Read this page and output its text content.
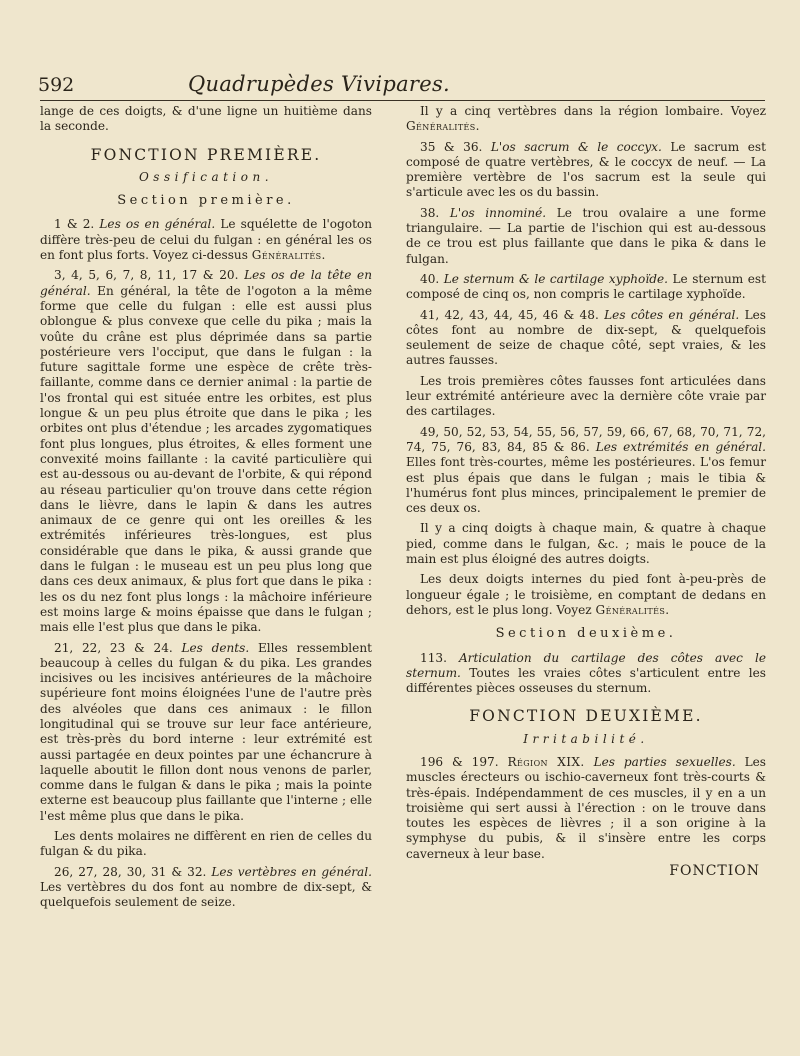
592	Quadrupèdes Vivipares.

lange de ces doigts, & d'une ligne un huitième dans la seconde.

FONCTION PREMIÈRE.
Ossification.
Section première.

1 & 2. Les os en général. Le squélette de l'ogoton diffère très-peu de celui du fulgan : en général les os en font plus forts. Voyez ci-dessus Généralités.

3, 4, 5, 6, 7, 8, 11, 17 & 20. Les os de la tête en général. En général, la tête de l'ogoton a la même forme que celle du fulgan : elle est aussi plus oblongue & plus convexe que celle du pika ; mais la voûte du crâne est plus déprimée dans sa partie postérieure vers l'occiput, que dans le fulgan : la future sagittale forme une espèce de crête très-faillante, comme dans ce dernier animal : la partie de l'os frontal qui est située entre les orbites, est plus longue & un peu plus étroite que dans le pika ; les orbites ont plus d'étendue ; les arcades zygomatiques font plus longues, plus étroites, & elles forment une convexité moins faillante : la cavité particulière qui est au-dessous ou au-devant de l'orbite, & qui répond au réseau particulier qu'on trouve dans cette région dans le lièvre, dans le lapin & dans les autres animaux de ce genre qui ont les oreilles & les extrémités inférieures très-longues, est plus considérable que dans le pika, & aussi grande que dans le fulgan : le museau est un peu plus long que dans ces deux animaux, & plus fort que dans le pika : les os du nez font plus longs : la mâchoire inférieure est moins large & moins épaisse que dans le fulgan ; mais elle l'est plus que dans le pika.

21, 22, 23 & 24. Les dents. Elles ressemblent beaucoup à celles du fulgan & du pika. Les grandes incisives ou les incisives antérieures de la mâchoire supérieure font moins éloignées l'une de l'autre près des alvéoles que dans ces animaux : le fillon longitudinal qui se trouve sur leur face antérieure, est très-près du bord interne : leur extrémité est aussi partagée en deux pointes par une échancrure à laquelle aboutit le fillon dont nous venons de parler, comme dans le fulgan & dans le pika ; mais la pointe externe est beaucoup plus faillante que l'interne ; elle l'est même plus que dans le pika.

Les dents molaires ne diffèrent en rien de celles du fulgan & du pika.

26, 27, 28, 30, 31 & 32. Les vertèbres en général. Les vertèbres du dos font au nombre de dix-sept, & quelquefois seulement de seize.

Il y a cinq vertèbres dans la région lombaire. Voyez Généralités.

35 & 36. L'os sacrum & le coccyx. Le sacrum est composé de quatre vertèbres, & le coccyx de neuf. — La première vertèbre de l'os sacrum est la seule qui s'articule avec les os du bassin.

38. L'os innominé. Le trou ovalaire a une forme triangulaire. — La partie de l'ischion qui est au-dessous de ce trou est plus faillante que dans le pika & dans le fulgan.

40. Le sternum & le cartilage xyphoïde. Le sternum est composé de cinq os, non compris le cartilage xyphoïde.

41, 42, 43, 44, 45, 46 & 48. Les côtes en général. Les côtes font au nombre de dix-sept, & quelquefois seulement de seize de chaque côté, sept vraies, & les autres fausses.

Les trois premières côtes fausses font articulées dans leur extrémité antérieure avec la dernière côte vraie par des cartilages.

49, 50, 52, 53, 54, 55, 56, 57, 59, 66, 67, 68, 70, 71, 72, 74, 75, 76, 83, 84, 85 & 86. Les extrémités en général. Elles font très-courtes, même les postérieures. L'os femur est plus épais que dans le fulgan ; mais le tibia & l'humérus font plus minces, principalement le premier de ces deux os.

Il y a cinq doigts à chaque main, & quatre à chaque pied, comme dans le fulgan, &c. ; mais le pouce de la main est plus éloigné des autres doigts.

Les deux doigts internes du pied font à-peu-près de longueur égale ; le troisième, en comptant de dedans en dehors, est le plus long. Voyez Généralités.

Section deuxième.

113. Articulation du cartilage des côtes avec le sternum. Toutes les vraies côtes s'articulent entre les différentes pièces osseuses du sternum.

FONCTION DEUXIÈME.
Irritabilité.

196 & 197. Région XIX. Les parties sexuelles. Les muscles érecteurs ou ischio-caverneux font très-courts & très-épais. Indépendamment de ces muscles, il y en a un troisième qui sert aussi à l'érection : on le trouve dans toutes les espèces de lièvres ; il a son origine à la symphyse du pubis, & il s'insère entre les corps caverneux à leur base.

FONCTION
